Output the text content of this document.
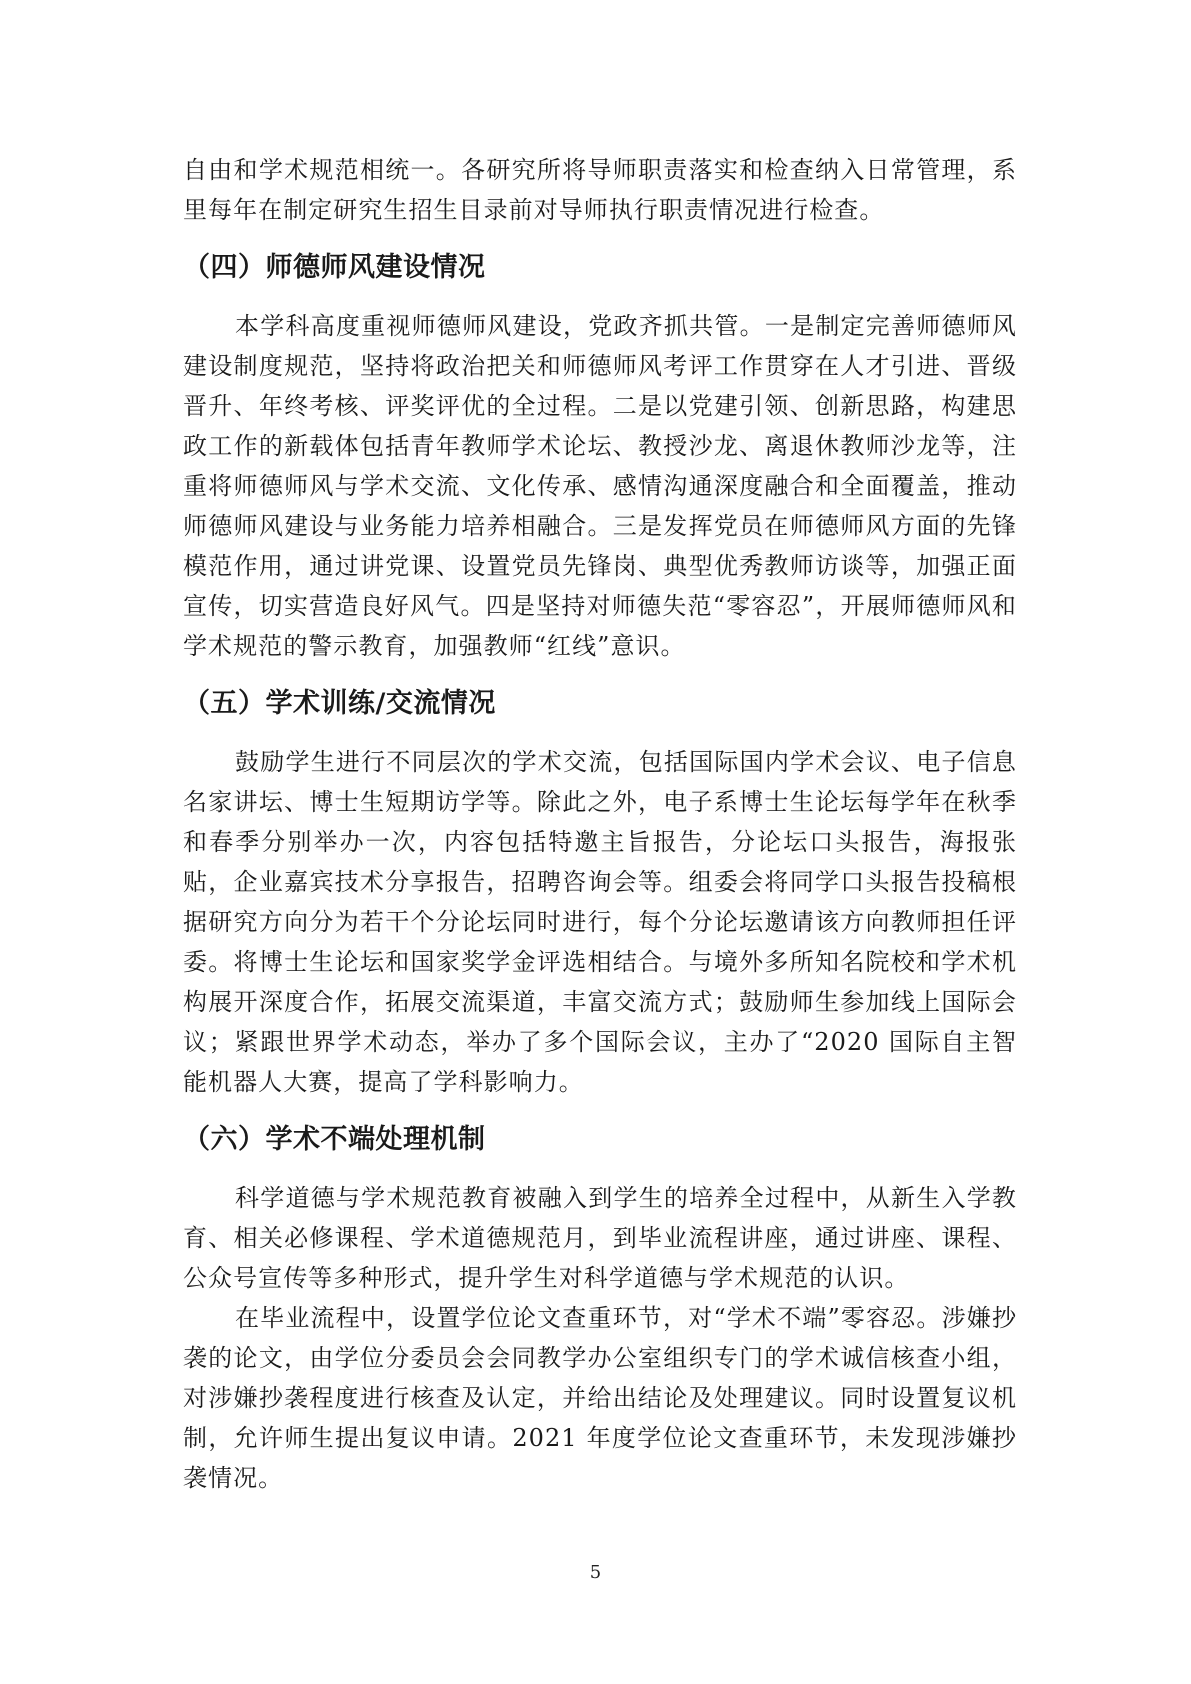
自由和学术规范相统一。各研究所将导师职责落实和检查纳入日常管理，系里每年在制定研究生招生目录前对导师执行职责情况进行检查。

（四）师德师风建设情况

本学科高度重视师德师风建设，党政齐抓共管。一是制定完善师德师风建设制度规范，坚持将政治把关和师德师风考评工作贯穿在人才引进、晋级晋升、年终考核、评奖评优的全过程。二是以党建引领、创新思路，构建思政工作的新载体包括青年教师学术论坛、教授沙龙、离退休教师沙龙等，注重将师德师风与学术交流、文化传承、感情沟通深度融合和全面覆盖，推动师德师风建设与业务能力培养相融合。三是发挥党员在师德师风方面的先锋模范作用，通过讲党课、设置党员先锋岗、典型优秀教师访谈等，加强正面宣传，切实营造良好风气。四是坚持对师德失范“零容忍”，开展师德师风和学术规范的警示教育，加强教师“红线”意识。

（五）学术训练/交流情况

鼓励学生进行不同层次的学术交流，包括国际国内学术会议、电子信息名家讲坛、博士生短期访学等。除此之外，电子系博士生论坛每学年在秋季和春季分别举办一次，内容包括特邀主旨报告，分论坛口头报告，海报张贴，企业嘉宾技术分享报告，招聘咨询会等。组委会将同学口头报告投稿根据研究方向分为若干个分论坛同时进行，每个分论坛邀请该方向教师担任评委。将博士生论坛和国家奖学金评选相结合。与境外多所知名院校和学术机构展开深度合作，拓展交流渠道，丰富交流方式；鼓励师生参加线上国际会议；紧跟世界学术动态，举办了多个国际会议，主办了“2020 国际自主智能机器人大赛，提高了学科影响力。

（六）学术不端处理机制

科学道德与学术规范教育被融入到学生的培养全过程中，从新生入学教育、相关必修课程、学术道德规范月，到毕业流程讲座，通过讲座、课程、公众号宣传等多种形式，提升学生对科学道德与学术规范的认识。

在毕业流程中，设置学位论文查重环节，对“学术不端”零容忍。涉嫌抄袭的论文，由学位分委员会会同教学办公室组织专门的学术诚信核查小组，对涉嫌抄袭程度进行核查及认定，并给出结论及处理建议。同时设置复议机制，允许师生提出复议申请。2021 年度学位论文查重环节，未发现涉嫌抄袭情况。

5
